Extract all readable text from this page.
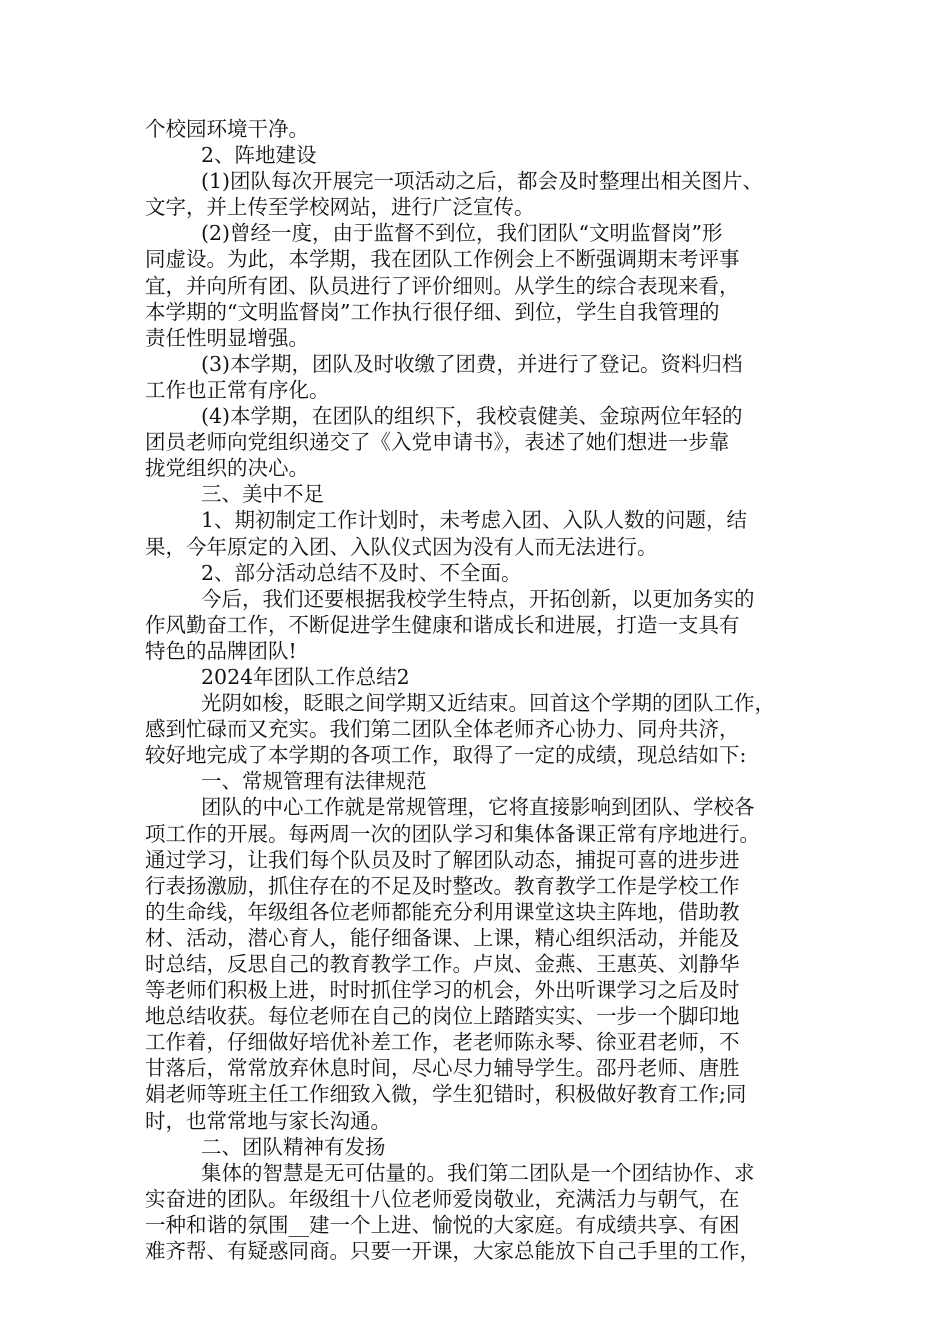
个校园环境干净。

2、阵地建设

(1)团队每次开展完一项活动之后，都会及时整理出相关图片、

文字，并上传至学校网站，进行广泛宣传。

(2)曾经一度，由于监督不到位，我们团队“文明监督岗”形

同虚设。为此，本学期，我在团队工作例会上不断强调期末考评事

宜，并向所有团、队员进行了评价细则。从学生的综合表现来看，

本学期的“文明监督岗”工作执行很仔细、到位，学生自我管理的

责任性明显增强。

(3)本学期，团队及时收缴了团费，并进行了登记。资料归档

工作也正常有序化。

(4)本学期，在团队的组织下，我校袁健美、金琼两位年轻的

团员老师向党组织递交了《入党申请书》，表述了她们想进一步靠

拢党组织的决心。

三、美中不足

1、期初制定工作计划时，未考虑入团、入队人数的问题，结

果，今年原定的入团、入队仪式因为没有人而无法进行。

2、部分活动总结不及时、不全面。

今后，我们还要根据我校学生特点，开拓创新，以更加务实的

作风勤奋工作，不断促进学生健康和谐成长和进展，打造一支具有

特色的品牌团队!

2024年团队工作总结2

光阴如梭，眨眼之间学期又近结束。回首这个学期的团队工作，

感到忙碌而又充实。我们第二团队全体老师齐心协力、同舟共济，

较好地完成了本学期的各项工作，取得了一定的成绩，现总结如下:

一、常规管理有法律规范

团队的中心工作就是常规管理，它将直接影响到团队、学校各

项工作的开展。每两周一次的团队学习和集体备课正常有序地进行。

通过学习，让我们每个队员及时了解团队动态，捕捉可喜的进步进

行表扬激励，抓住存在的不足及时整改。教育教学工作是学校工作

的生命线，年级组各位老师都能充分利用课堂这块主阵地，借助教

材、活动，潜心育人，能仔细备课、上课，精心组织活动，并能及

时总结，反思自己的教育教学工作。卢岚、金燕、王惠英、刘静华

等老师们积极上进，时时抓住学习的机会，外出听课学习之后及时

地总结收获。每位老师在自己的岗位上踏踏实实、一步一个脚印地

工作着，仔细做好培优补差工作，老老师陈永琴、徐亚君老师，不

甘落后，常常放弃休息时间，尽心尽力辅导学生。邵丹老师、唐胜

娟老师等班主任工作细致入微，学生犯错时，积极做好教育工作;同

时，也常常地与家长沟通。

二、团队精神有发扬

集体的智慧是无可估量的。我们第二团队是一个团结协作、求

实奋进的团队。年级组十八位老师爱岗敬业，充满活力与朝气，在

一种和谐的氛围__建一个上进、愉悦的大家庭。有成绩共享、有困

难齐帮、有疑惑同商。只要一开课，大家总能放下自己手里的工作，
